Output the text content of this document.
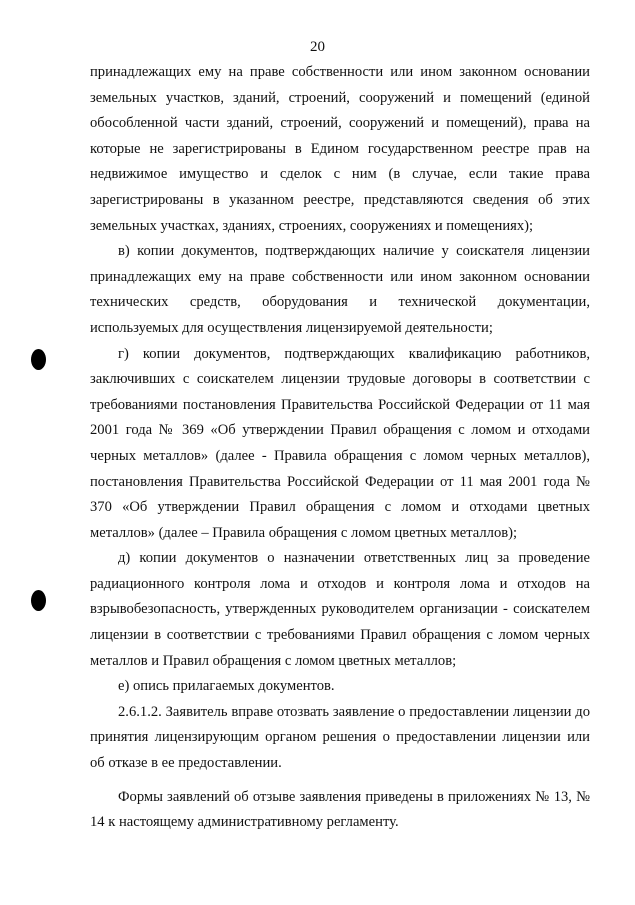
20

принадлежащих ему на праве собственности или ином законном основании земельных участков, зданий, строений, сооружений и помещений (единой обособленной части зданий, строений, сооружений и помещений), права на которые не зарегистрированы в Едином государственном реестре прав на недвижимое имущество и сделок с ним (в случае, если такие права зарегистрированы в указанном реестре, представляются сведения об этих земельных участках, зданиях, строениях, сооружениях и помещениях);

в) копии документов, подтверждающих наличие у соискателя лицензии принадлежащих ему на праве собственности или ином законном основании технических средств, оборудования и технической документации, используемых для осуществления лицензируемой деятельности;

г) копии документов, подтверждающих квалификацию работников, заключивших с соискателем лицензии трудовые договоры в соответствии с требованиями постановления Правительства Российской Федерации от 11 мая 2001 года № 369 «Об утверждении Правил обращения с ломом и отходами черных металлов» (далее - Правила обращения с ломом черных металлов), постановления Правительства Российской Федерации от 11 мая 2001 года № 370 «Об утверждении Правил обращения с ломом и отходами цветных металлов» (далее – Правила обращения с ломом цветных металлов);

д) копии документов о назначении ответственных лиц за проведение радиационного контроля лома и отходов и контроля лома и отходов на взрывобезопасность, утвержденных руководителем организации - соискателем лицензии в соответствии с требованиями Правил обращения с ломом черных металлов и Правил обращения с ломом цветных металлов;

е) опись прилагаемых документов.

2.6.1.2. Заявитель вправе отозвать заявление о предоставлении лицензии до принятия лицензирующим органом решения о предоставлении лицензии или об отказе в ее предоставлении.

Формы заявлений об отзыве заявления приведены в приложениях № 13, № 14 к настоящему административному регламенту.
